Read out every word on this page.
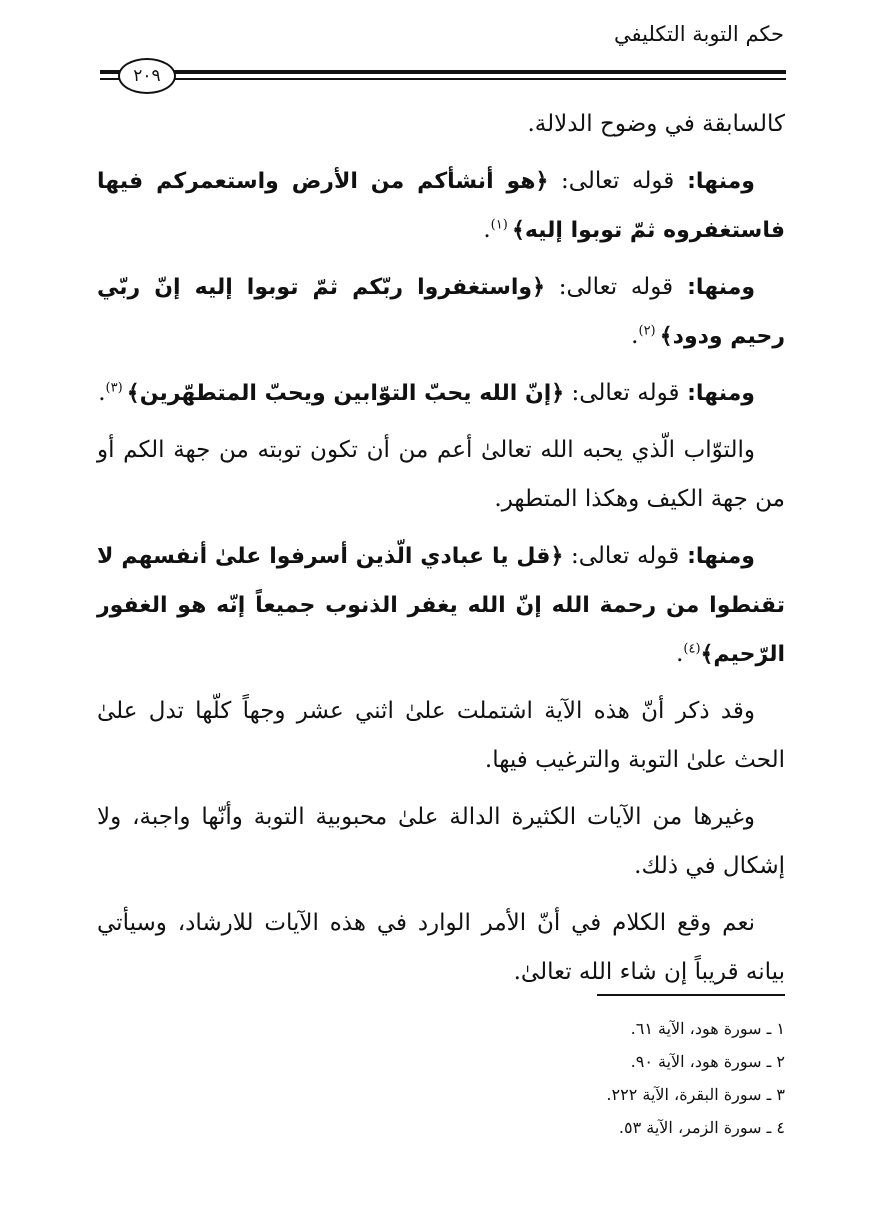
حكم التوبة التكليفي
٢٠٩

كالسابقة في وضوح الدلالة.

ومنها: قوله تعالى: ﴿هو أنشأكم من الأرض واستعمركم فيها فاستغفروه ثمّ توبوا إليه﴾ $^{(١)}$.

ومنها: قوله تعالى: ﴿واستغفروا ربّكم ثمّ توبوا إليه إنّ ربّي رحيم ودود﴾ $^{(٢)}$.

ومنها: قوله تعالى: ﴿إنّ الله يحبّ التوّابين ويحبّ المتطهّرين﴾ $^{(٣)}$.

والتوّاب الّذي يحبه الله تعالىٰ أعم من أن تكون توبته من جهة الكم أو من جهة الكيف وهكذا المتطهر.

ومنها: قوله تعالى: ﴿قل يا عبادي الّذين أسرفوا علىٰ أنفسهم لا تقنطوا من رحمة الله إنّ الله يغفر الذنوب جميعاً إنّه هو الغفور الرّحيم﴾$^{(٤)}$.

وقد ذكر أنّ هذه الآية اشتملت علىٰ اثني عشر وجهاً كلّها تدل علىٰ الحث علىٰ التوبة والترغيب فيها.

وغيرها من الآيات الكثيرة الدالة علىٰ محبوبية التوبة وأنّها واجبة، ولا إشكال في ذلك.

نعم وقع الكلام في أنّ الأمر الوارد في هذه الآيات للارشاد، وسيأتي بيانه قريباً إن شاء الله تعالىٰ.

١ ـ سورة هود، الآية ٦١.
٢ ـ سورة هود، الآية ٩٠.
٣ ـ سورة البقرة، الآية ٢٢٢.
٤ ـ سورة الزمر، الآية ٥٣.
